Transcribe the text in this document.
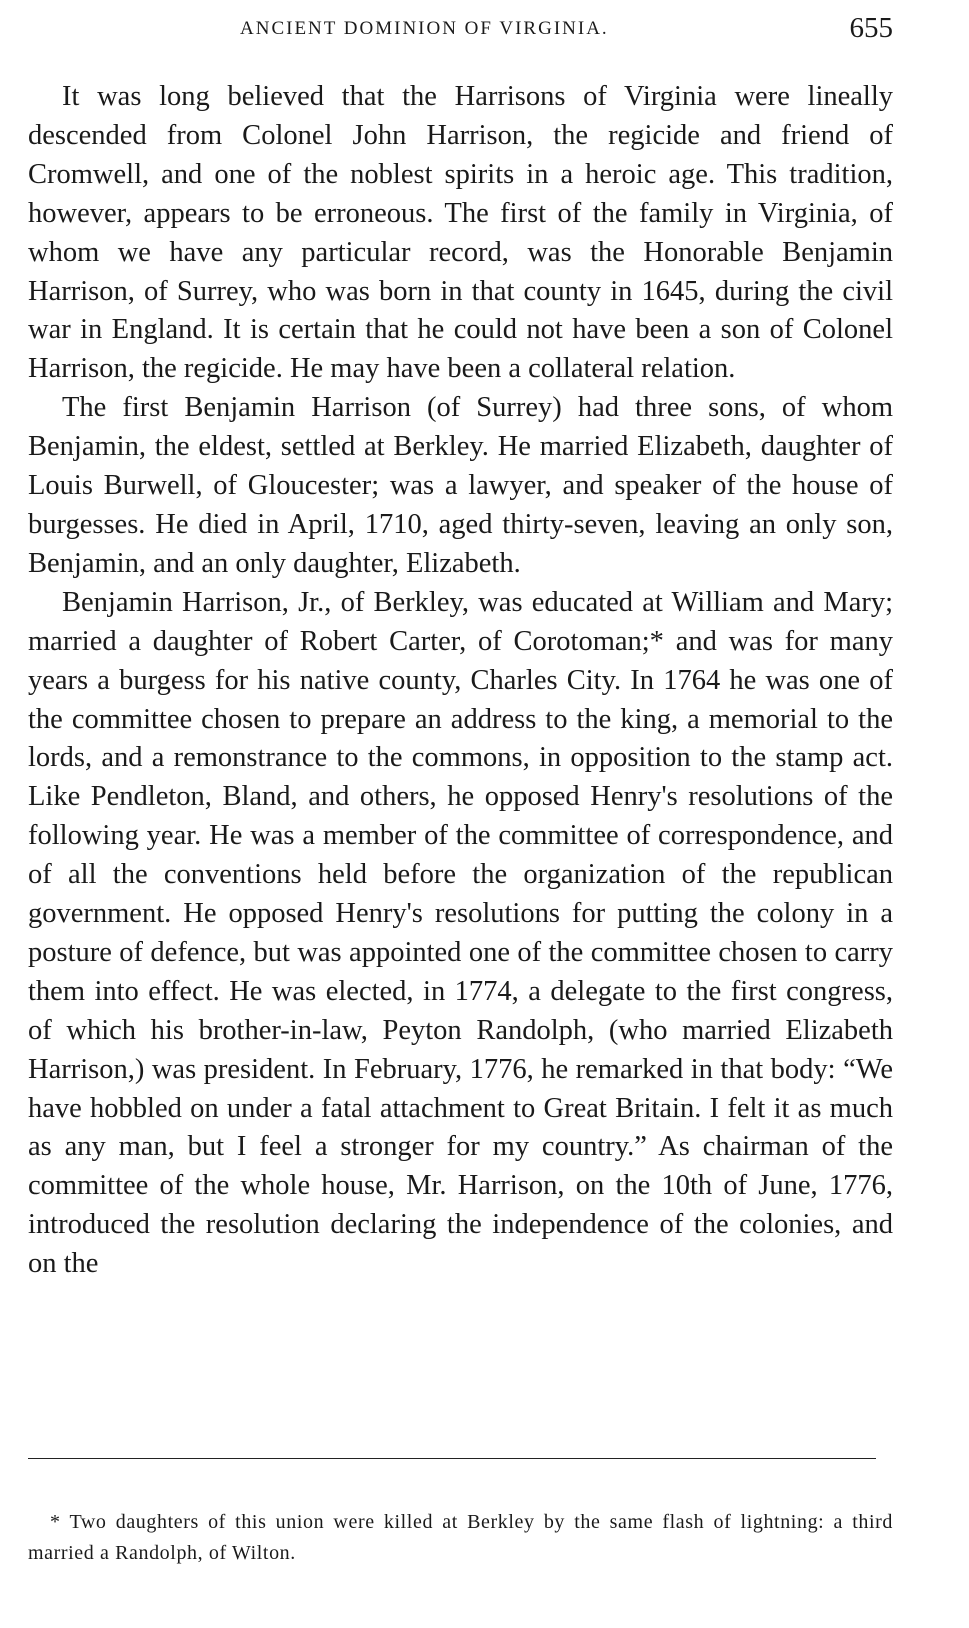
ANCIENT DOMINION OF VIRGINIA.	655

It was long believed that the Harrisons of Virginia were lineally descended from Colonel John Harrison, the regicide and friend of Cromwell, and one of the noblest spirits in a heroic age. This tradition, however, appears to be erroneous. The first of the family in Virginia, of whom we have any particular record, was the Honorable Benjamin Harrison, of Surrey, who was born in that county in 1645, during the civil war in England. It is certain that he could not have been a son of Colonel Harrison, the regicide. He may have been a collateral relation.

The first Benjamin Harrison (of Surrey) had three sons, of whom Benjamin, the eldest, settled at Berkley. He married Elizabeth, daughter of Louis Burwell, of Gloucester; was a lawyer, and speaker of the house of burgesses. He died in April, 1710, aged thirty-seven, leaving an only son, Benjamin, and an only daughter, Elizabeth.

Benjamin Harrison, Jr., of Berkley, was educated at William and Mary; married a daughter of Robert Carter, of Corotoman;* and was for many years a burgess for his native county, Charles City. In 1764 he was one of the committee chosen to prepare an address to the king, a memorial to the lords, and a remonstrance to the commons, in opposition to the stamp act. Like Pendleton, Bland, and others, he opposed Henry's resolutions of the following year. He was a member of the committee of correspondence, and of all the conventions held before the organization of the republican government. He opposed Henry's resolutions for putting the colony in a posture of defence, but was appointed one of the committee chosen to carry them into effect. He was elected, in 1774, a delegate to the first congress, of which his brother-in-law, Peyton Randolph, (who married Elizabeth Harrison,) was president. In February, 1776, he remarked in that body: “We have hobbled on under a fatal attachment to Great Britain. I felt it as much as any man, but I feel a stronger for my country.” As chairman of the committee of the whole house, Mr. Harrison, on the 10th of June, 1776, introduced the resolution declaring the independence of the colonies, and on the

* Two daughters of this union were killed at Berkley by the same flash of lightning: a third married a Randolph, of Wilton.
